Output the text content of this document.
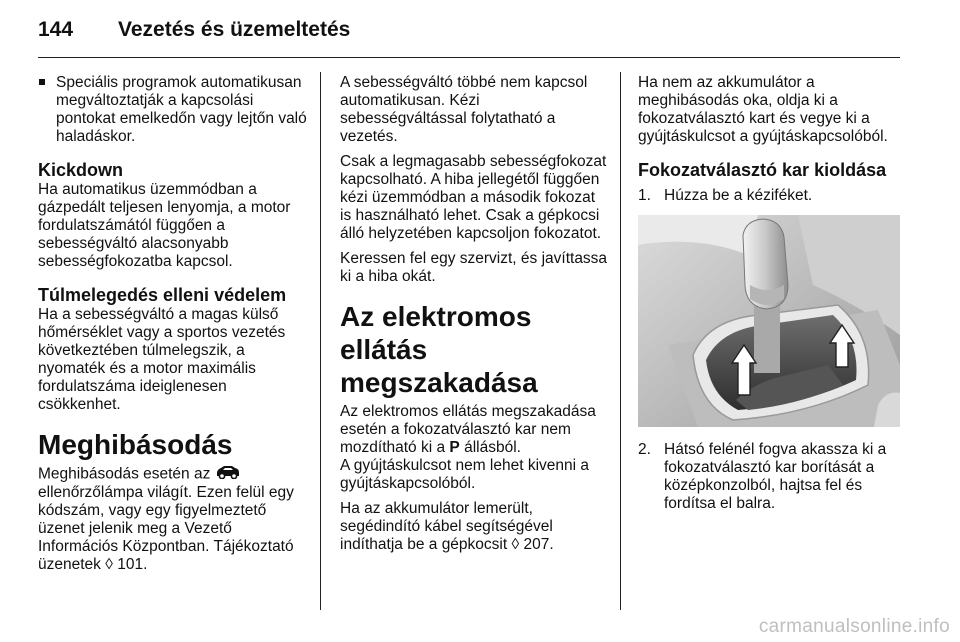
144 Vezetés és üzemeltetés
Speciális programok automatikusan megváltoztatják a kapcsolási pontokat emelkedőn vagy lejtőn való haladáskor.
Kickdown

Ha automatikus üzemmódban a gázpedált teljesen lenyomja, a motor fordulatszámától függően a sebességváltó alacsonyabb sebességfokozatba kapcsol.

Túlmelegedés elleni védelem

Ha a sebességváltó a magas külső hőmérséklet vagy a sportos vezetés következtében túlmelegszik, a nyomaték és a motor maximális fordulatszáma ideiglenesen csökkenhet.

Meghibásodás

Meghibásodás esetén az  ellenőrzőlámpa világít. Ezen felül egy kódszám, vagy egy figyelmeztető üzenet jelenik meg a Vezető Információs Központban. Tájékoztató üzenetek ◊ 101.

A sebességváltó többé nem kapcsol automatikusan. Kézi sebességváltással folytatható a vezetés.

Csak a legmagasabb sebességfokozat kapcsolható. A hiba jellegétől függően kézi üzemmódban a második fokozat is használható lehet. Csak a gépkocsi álló helyzetében kapcsoljon fokozatot.

Keressen fel egy szervizt, és javíttassa ki a hiba okát.

Az elektromos ellátás megszakadása

Az elektromos ellátás megszakadása esetén a fokozatválasztó kar nem mozdítható ki a P állásból.

A gyújtáskulcsot nem lehet kivenni a gyújtáskapcsolóból.

Ha az akkumulátor lemerült, segédindító kábel segítségével indíthatja be a gépkocsit ◊ 207.

Ha nem az akkumulátor a meghibásodás oka, oldja ki a fokozatválasztó kart és vegye ki a gyújtáskulcsot a gyújtáskapcsolóból.

Fokozatválasztó kar kioldása

1. Húzza be a kéziféket.

2. Hátsó felénél fogva akassza ki a fokozatválasztó kar borítását a középkonzolból, hajtsa fel és fordítsa el balra.

carmanualsonline.info
